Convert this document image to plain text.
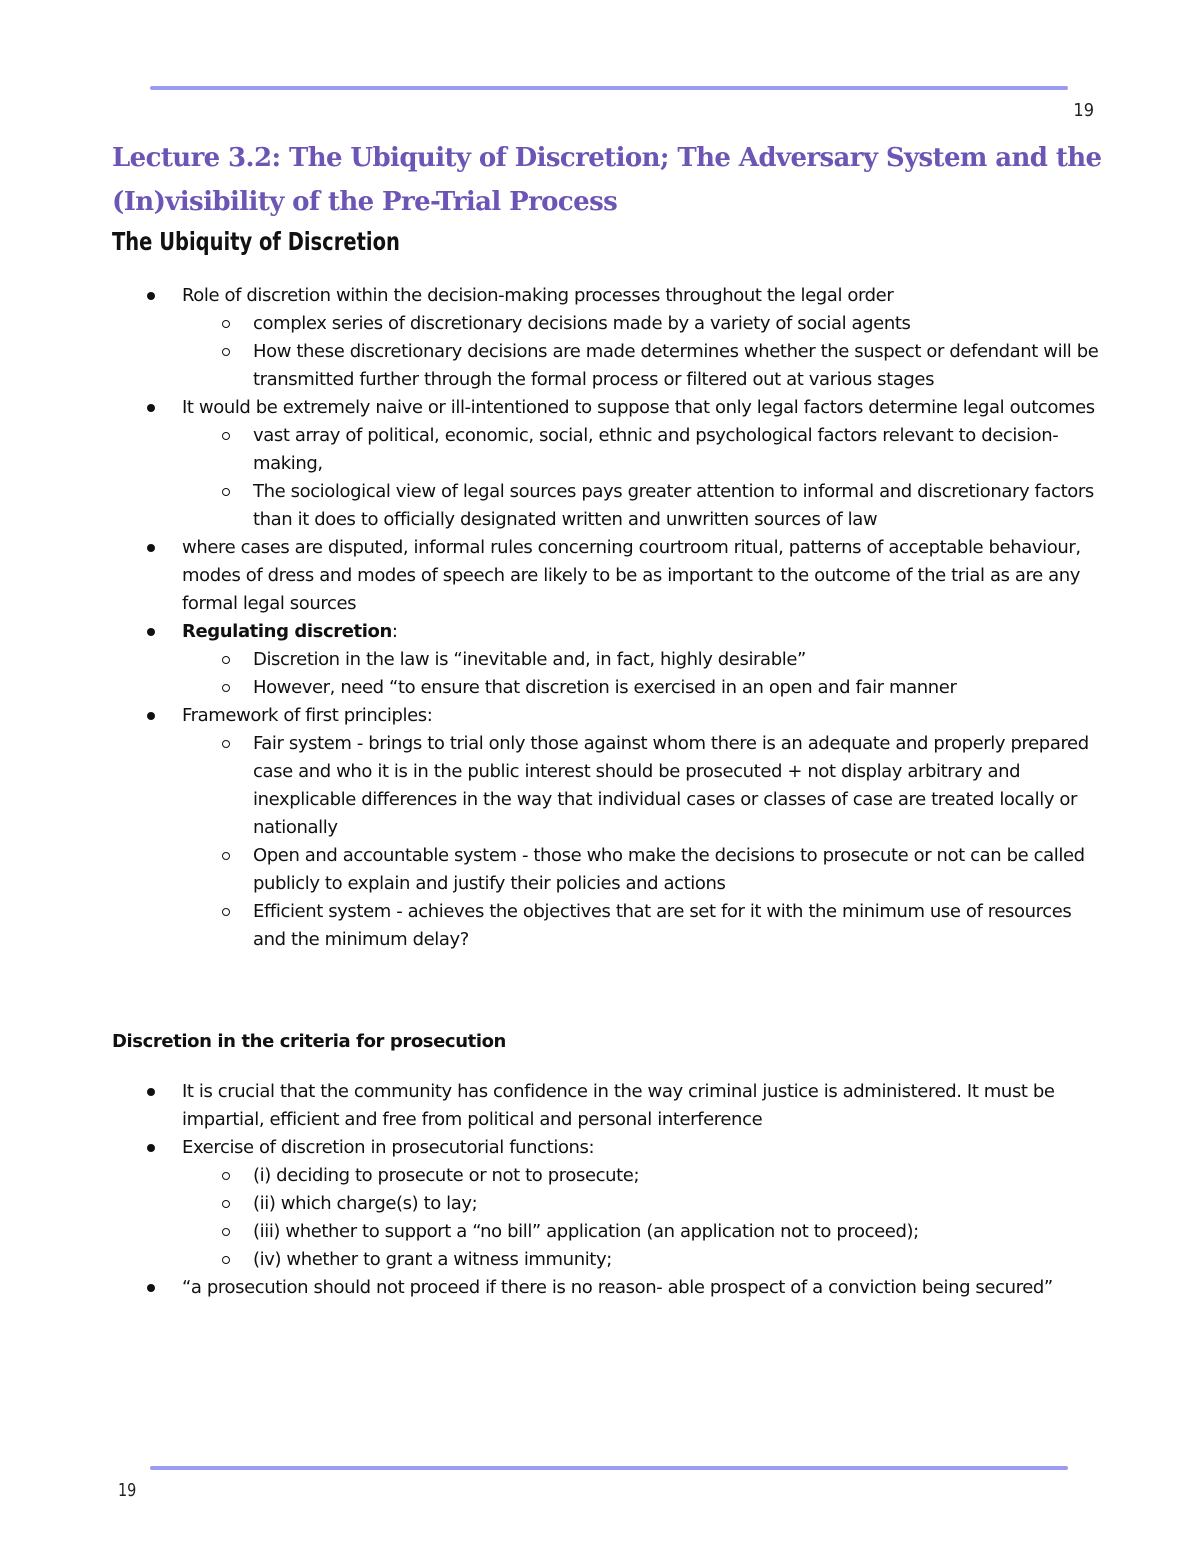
19
Lecture 3.2: The Ubiquity of Discretion; The Adversary System and the (In)visibility of the Pre-Trial Process
The Ubiquity of Discretion
Role of discretion within the decision-making processes throughout the legal order
complex series of discretionary decisions made by a variety of social agents
How these discretionary decisions are made determines whether the suspect or defendant will be transmitted further through the formal process or filtered out at various stages
It would be extremely naive or ill-intentioned to suppose that only legal factors determine legal outcomes
vast array of political, economic, social, ethnic and psychological factors relevant to decision-making,
The sociological view of legal sources pays greater attention to informal and discretionary factors than it does to officially designated written and unwritten sources of law
where cases are disputed, informal rules concerning courtroom ritual, patterns of acceptable behaviour, modes of dress and modes of speech are likely to be as important to the outcome of the trial as are any formal legal sources
Regulating discretion:
Discretion in the law is “inevitable and, in fact, highly desirable”
However, need “to ensure that discretion is exercised in an open and fair manner
Framework of first principles:
Fair system - brings to trial only those against whom there is an adequate and properly prepared case and who it is in the public interest should be prosecuted + not display arbitrary and inexplicable differences in the way that individual cases or classes of case are treated locally or nationally
Open and accountable system - those who make the decisions to prosecute or not can be called publicly to explain and justify their policies and actions
Efficient system - achieves the objectives that are set for it with the minimum use of resources and the minimum delay?
Discretion in the criteria for prosecution
It is crucial that the community has confidence in the way criminal justice is administered. It must be impartial, efficient and free from political and personal interference
Exercise of discretion in prosecutorial functions:
(i) deciding to prosecute or not to prosecute;
(ii) which charge(s) to lay;
(iii) whether to support a “no bill” application (an application not to proceed);
(iv) whether to grant a witness immunity;
“a prosecution should not proceed if there is no reason- able prospect of a conviction being secured”
19
